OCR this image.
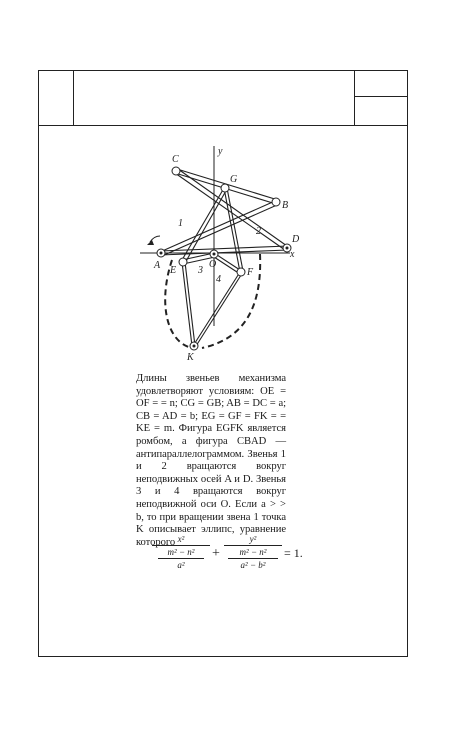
C
y
G
B
1
2
D
x
A E 3
O
4
F
K

Длины звеньев механизма удовлетворяют условиям: OE = OF = = n; CG = GB; AB = DC = a; CB = AD = b; EG = GF = FK = = KE = m. Фигура EGFK является ромбом, а фигура CBAD — антипараллелограммом. Звенья 1 и 2 вращаются вокруг неподвижных осей A и D. Звенья 3 и 4 вращаются вокруг неподвижной оси O. Если a > > b, то при вращении звена 1 точка K описывает эллипс, уравнение которого x²
m² − n²
a²
+
y²
m² − n²
a² − b²
= 1.
